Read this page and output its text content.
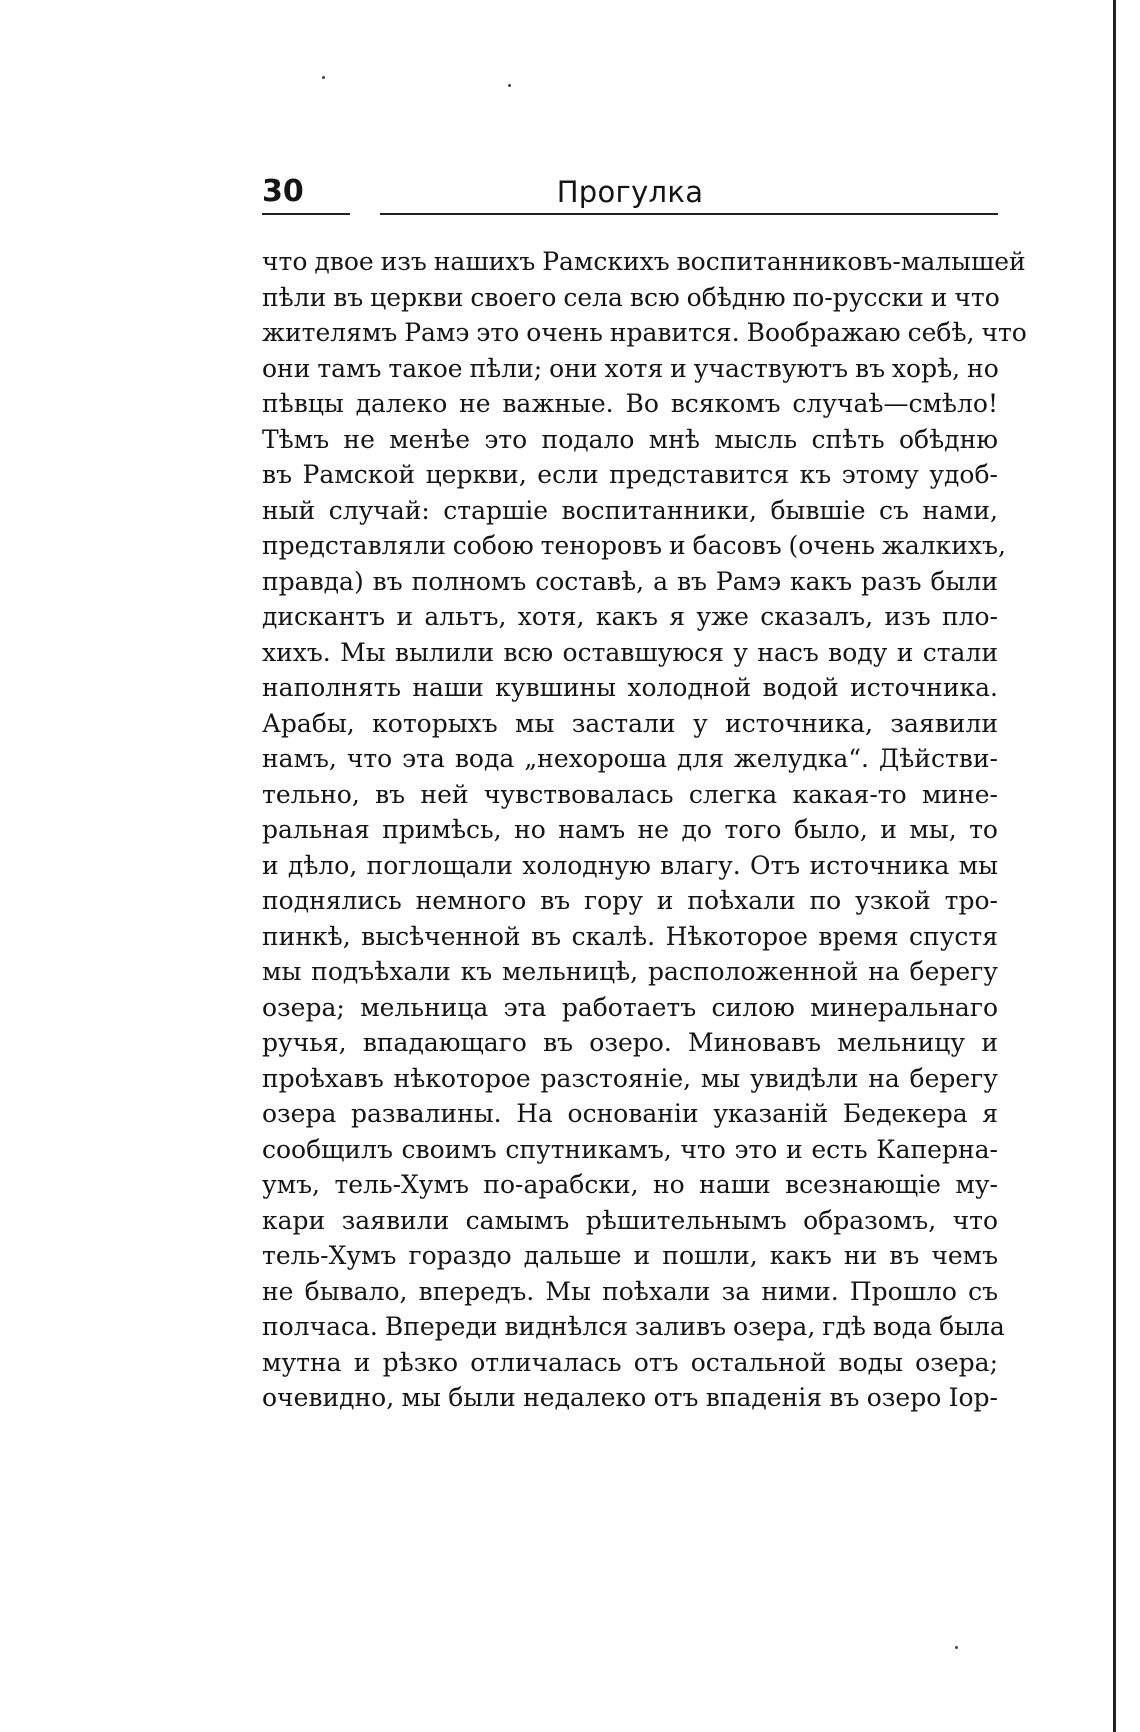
30	Прогулка
что двое изъ нашихъ Рамскихъ воспитанниковъ-малышей
пѣли въ церкви своего села всю обѣдню по-русски и что
жителямъ Рамэ это очень нравится. Воображаю себѣ, что
они тамъ такое пѣли; они хотя и участвуютъ въ хорѣ, но
пѣвцы далеко не важные. Во всякомъ случаѣ—смѣло!
Тѣмъ не менѣе это подало мнѣ мысль спѣть обѣдню
въ Рамской церкви, если представится къ этому удоб-
ный случай: старшіе воспитанники, бывшіе съ нами,
представляли собою теноровъ и басовъ (очень жалкихъ,
правда) въ полномъ составѣ, а въ Рамэ какъ разъ были
дискантъ и альтъ, хотя, какъ я уже сказалъ, изъ пло-
хихъ. Мы вылили всю оставшуюся у насъ воду и стали
наполнять наши кувшины холодной водой источника.
Арабы, которыхъ мы застали у источника, заявили
намъ, что эта вода „нехороша для желудка“. Дѣйстви-
тельно, въ ней чувствовалась слегка какая-то мине-
ральная примѣсь, но намъ не до того было, и мы, то
и дѣло, поглощали холодную влагу. Отъ источника мы
поднялись немного въ гору и поѣхали по узкой тро-
пинкѣ, высѣченной въ скалѣ. Нѣкоторое время спустя
мы подъѣхали къ мельницѣ, расположенной на берегу
озера; мельница эта работаетъ силою минеральнаго
ручья, впадающаго въ озеро. Миновавъ мельницу и
проѣхавъ нѣкоторое разстояніе, мы увидѣли на берегу
озера развалины. На основаніи указаній Бедекера я
сообщилъ своимъ спутникамъ, что это и есть Капернa-
умъ, тель-Хумъ по-арабски, но наши всезнающіе му-
кари заявили самымъ рѣшительнымъ образомъ, что
тель-Хумъ гораздо дальше и пошли, какъ ни въ чемъ
не бывало, впередъ. Мы поѣхали за ними. Прошло съ
полчаса. Впереди виднѣлся заливъ озера, гдѣ вода была
мутна и рѣзко отличалась отъ остальной воды озера;
очевидно, мы были недалеко отъ впаденія въ озеро Іор-
